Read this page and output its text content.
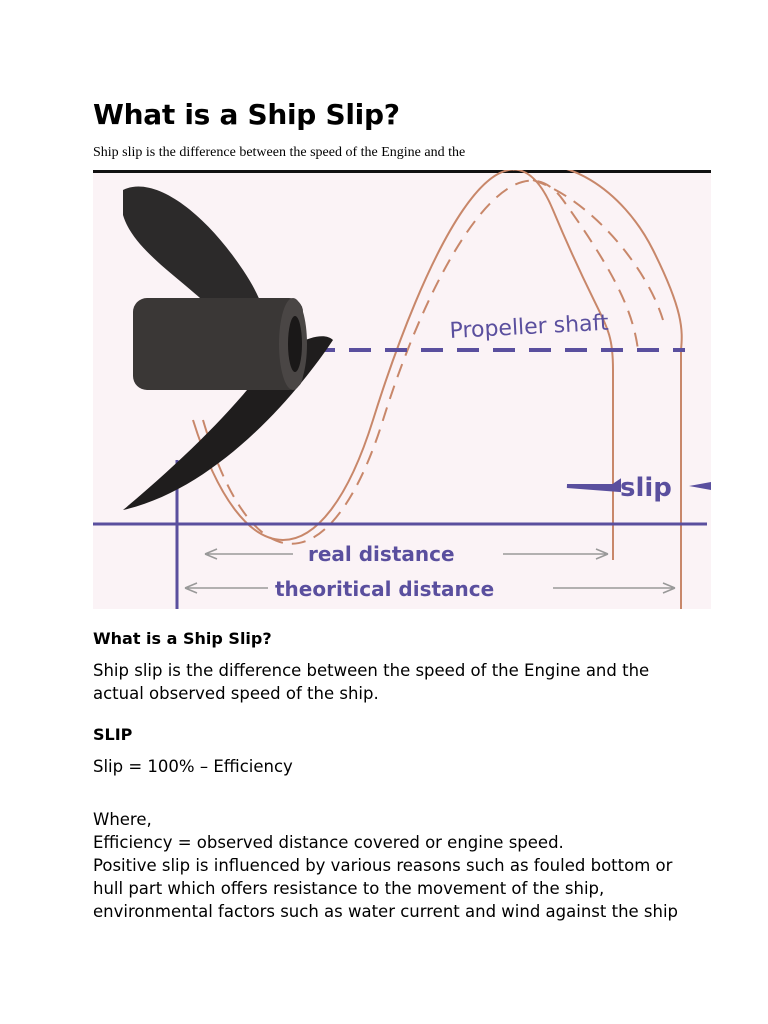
What is a Ship Slip?

Ship slip is the difference between the speed of the Engine and the

Propeller shaft
slip
real distance
theoritical distance

What is a Ship Slip?

Ship slip is the difference between the speed of the Engine and the
actual observed speed of the ship.

SLIP

Slip = 100% – Efficiency
Where,
Efficiency = observed distance covered or engine speed.
Positive slip is influenced by various reasons such as fouled bottom or
hull part which offers resistance to the movement of the ship,
environmental factors such as water current and wind against the ship
